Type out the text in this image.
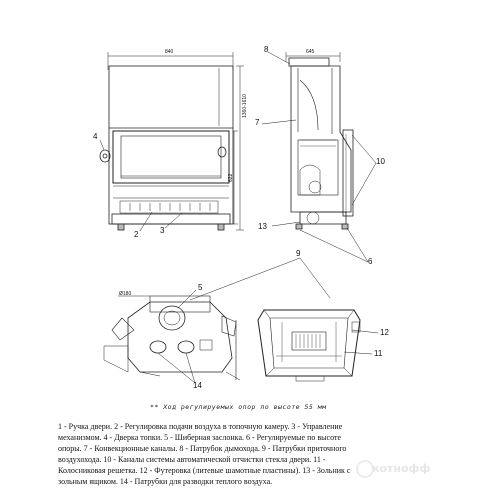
840
1360-1610
622
4
2	3
645
8
7
10
13
6
9
Ø180
5
14
12
11
** Ход регулируемых опор по высоте 55 мм
1 - Ручка двери. 2 - Регулировка подачи воздуха в топочную камеру. 3 - Управление
механизмом. 4 - Дверка топки. 5 - Шиберная заслонка. 6 - Регулируемые по высоте
опоры. 7 - Конвекционные каналы. 8 - Патрубок дымохода. 9 - Патрубки приточного
воздухохода. 10 - Каналы системы автоматической отчистки стекла двери. 11 -
Колосниковая решетка. 12 - Футеровка (литевые шамотные пластины). 13 - Зольник с
зольным ящиком. 14 - Патрубки для разводки теплого воздуха.
котнофф
